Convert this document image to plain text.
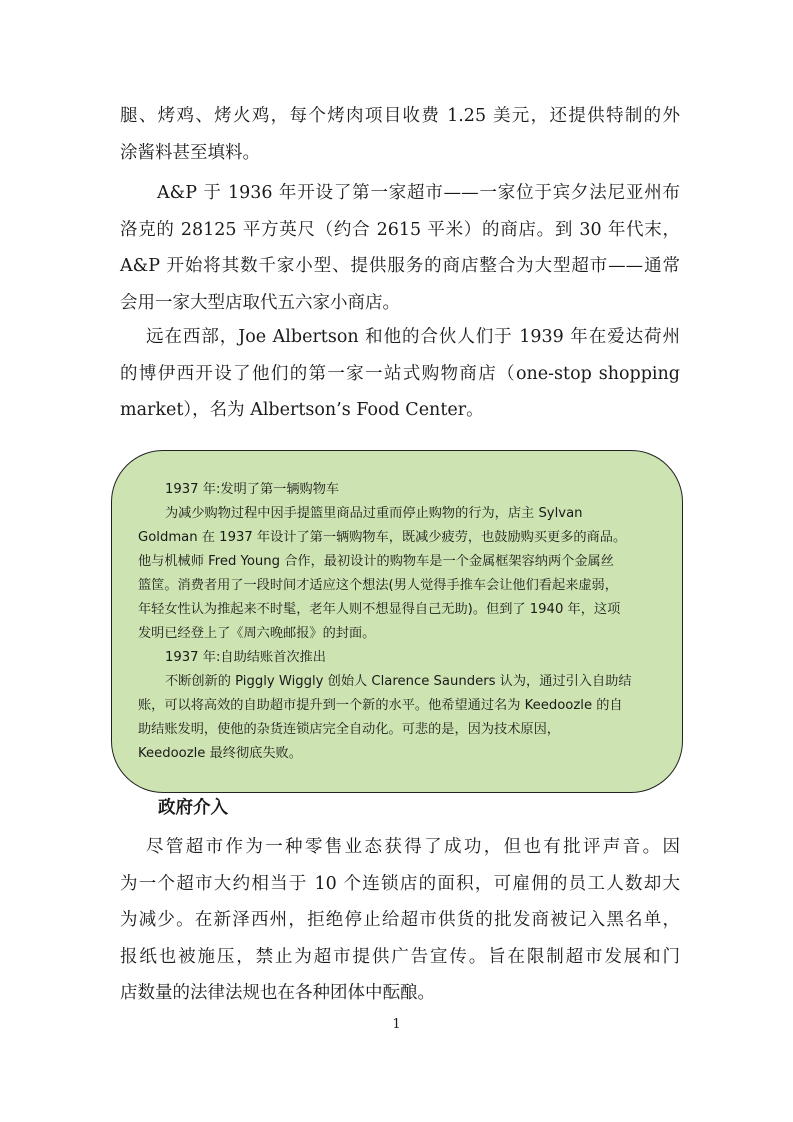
腿、烤鸡、烤火鸡，每个烤肉项目收费 1.25 美元，还提供特制的外
涂酱料甚至填料。
A&P 于 1936 年开设了第一家超市——一家位于宾夕法尼亚州布
洛克的 28125 平方英尺（约合 2615 平米）的商店。到 30 年代末，
A&P 开始将其数千家小型、提供服务的商店整合为大型超市——通常
会用一家大型店取代五六家小商店。
远在西部，Joe Albertson 和他的合伙人们于 1939 年在爱达荷州
的博伊西开设了他们的第一家一站式购物商店（one-stop shopping
market），名为 Albertson’s Food Center。
1937 年:发明了第一辆购物车
为减少购物过程中因手提篮里商品过重而停止购物的行为，店主 Sylvan
Goldman 在 1937 年设计了第一辆购物车，既减少疲劳，也鼓励购买更多的商品。
他与机械师 Fred Young 合作，最初设计的购物车是一个金属框架容纳两个金属丝
篮筐。消费者用了一段时间才适应这个想法(男人觉得手推车会让他们看起来虚弱，
年轻女性认为推起来不时髦，老年人则不想显得自己无助)。但到了 1940 年，这项
发明已经登上了《周六晚邮报》的封面。
1937 年:自助结账首次推出
不断创新的 Piggly Wiggly 创始人 Clarence Saunders 认为，通过引入自助结
账，可以将高效的自助超市提升到一个新的水平。他希望通过名为 Keedoozle 的自
助结账发明，使他的杂货连锁店完全自动化。可悲的是，因为技术原因，
Keedoozle 最终彻底失败。
政府介入
尽管超市作为一种零售业态获得了成功，但也有批评声音。因
为一个超市大约相当于 10 个连锁店的面积，可雇佣的员工人数却大
为减少。在新泽西州，拒绝停止给超市供货的批发商被记入黑名单，
报纸也被施压，禁止为超市提供广告宣传。旨在限制超市发展和门
店数量的法律法规也在各种团体中酝酿。
1
